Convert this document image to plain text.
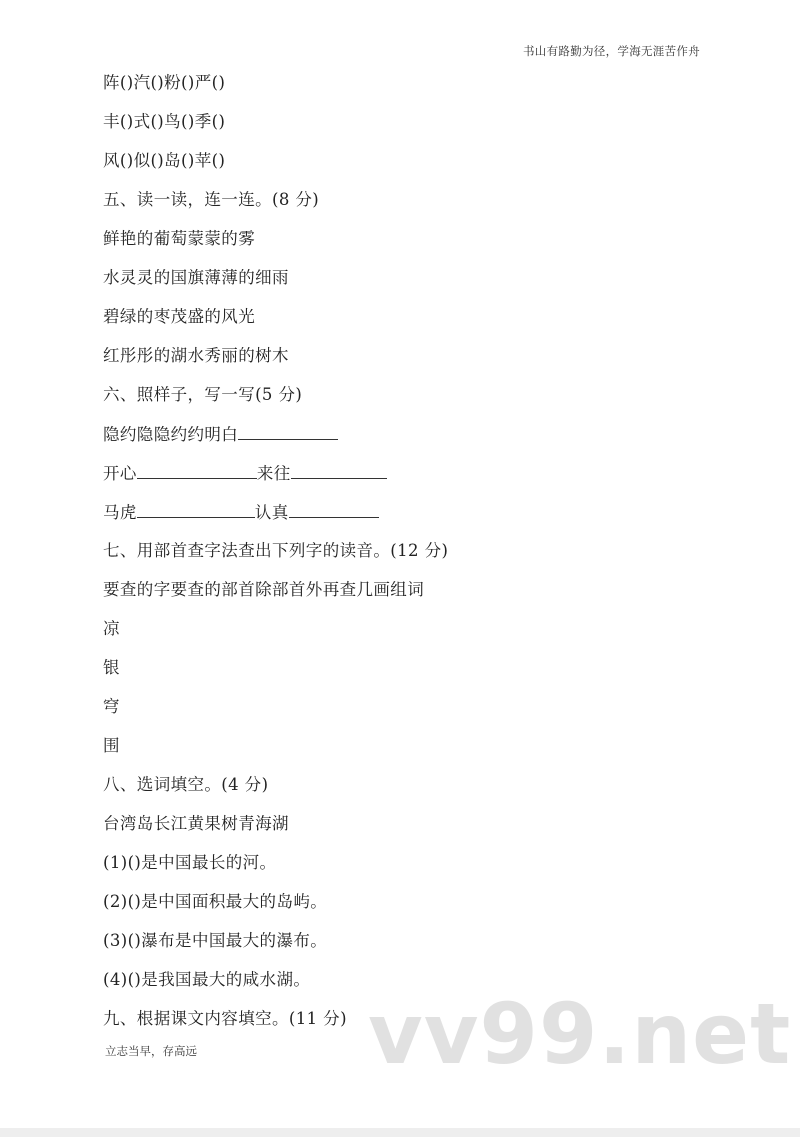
书山有路勤为径，学海无涯苦作舟
阵()汽()粉()严()
丰()式()鸟()季()
风()似()岛()苹()
五、读一读，连一连。(8 分)
鲜艳的葡萄蒙蒙的雾
水灵灵的国旗薄薄的细雨
碧绿的枣茂盛的风光
红彤彤的湖水秀丽的树木
六、照样子，写一写(5 分)
隐约隐隐约约明白
开心	来往
马虎	认真
七、用部首查字法查出下列字的读音。(12 分)
要查的字要查的部首除部首外再查几画组词
凉
银
穹
围
八、选词填空。(4 分)
台湾岛长江黄果树青海湖
(1)()是中国最长的河。
(2)()是中国面积最大的岛屿。
(3)()瀑布是中国最大的瀑布。
(4)()是我国最大的咸水湖。
九、根据课文内容填空。(11 分) vv99.net
立志当早，存高远
